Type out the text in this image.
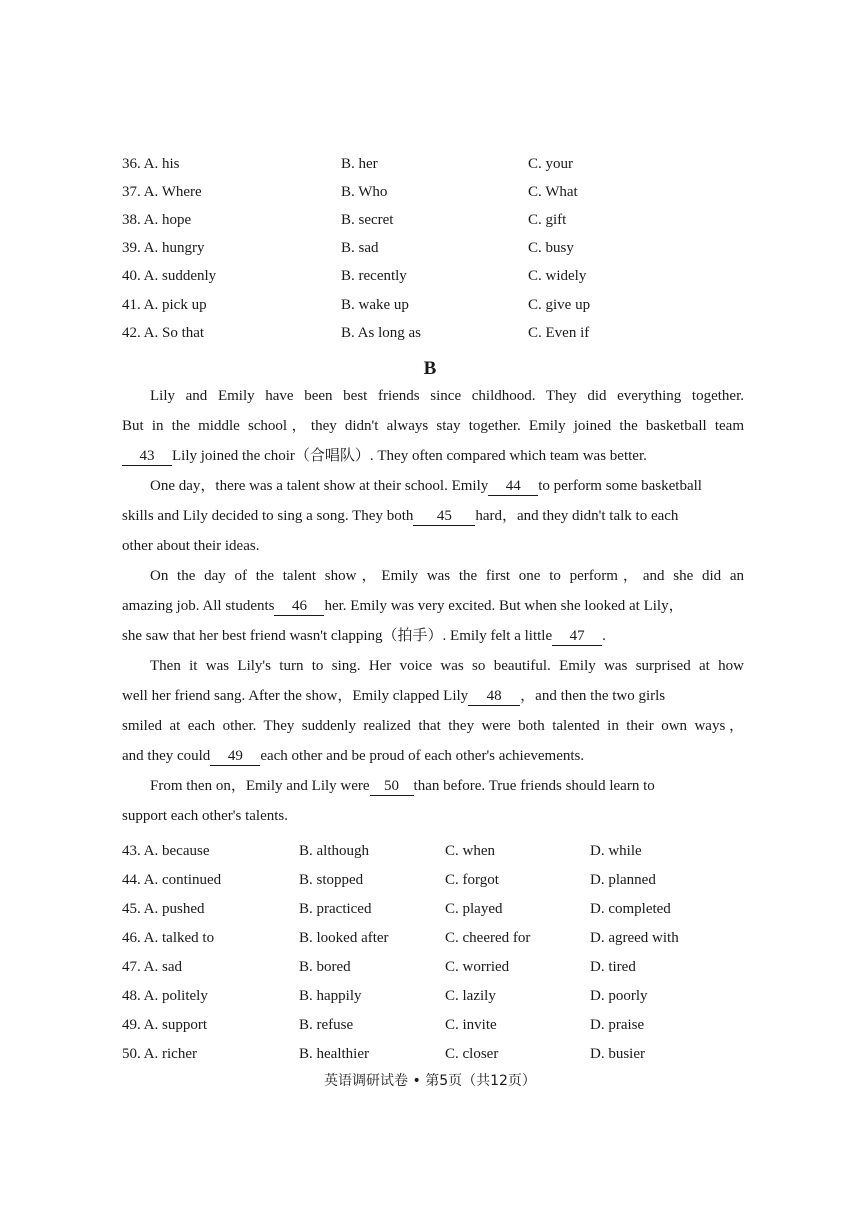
36. A. his	B. her	C. your
37. A. Where	B. Who	C. What
38. A. hope	B. secret	C. gift
39. A. hungry	B. sad	C. busy
40. A. suddenly	B. recently	C. widely
41. A. pick up	B. wake up	C. give up
42. A. So that	B. As long as	C. Even if
B
Lily and Emily have been best friends since childhood. They did everything together.
But in the middle school，they didn't always stay together. Emily joined the basketball team
43 Lily joined the choir（合唱队）. They often compared which team was better.
One day，there was a talent show at their school. Emily 44 to perform some basketball
skills and Lily decided to sing a song. They both 45 hard，and they didn't talk to each
other about their ideas.
On the day of the talent show，Emily was the first one to perform，and she did an
amazing job. All students 46 her. Emily was very excited. But when she looked at Lily，
she saw that her best friend wasn't clapping（拍手）. Emily felt a little 47 .
Then it was Lily's turn to sing. Her voice was so beautiful. Emily was surprised at how
well her friend sang. After the show，Emily clapped Lily 48 ，and then the two girls
smiled at each other. They suddenly realized that they were both talented in their own ways，
and they could 49 each other and be proud of each other's achievements.
From then on，Emily and Lily were 50 than before. True friends should learn to
support each other's talents.
43. A. because	B. although	C. when	D. while
44. A. continued	B. stopped	C. forgot	D. planned
45. A. pushed	B. practiced	C. played	D. completed
46. A. talked to	B. looked after	C. cheered for	D. agreed with
47. A. sad	B. bored	C. worried	D. tired
48. A. politely	B. happily	C. lazily	D. poorly
49. A. support	B. refuse	C. invite	D. praise
50. A. richer	B. healthier	C. closer	D. busier
英语调研试卷 • 第5页（共12页）
